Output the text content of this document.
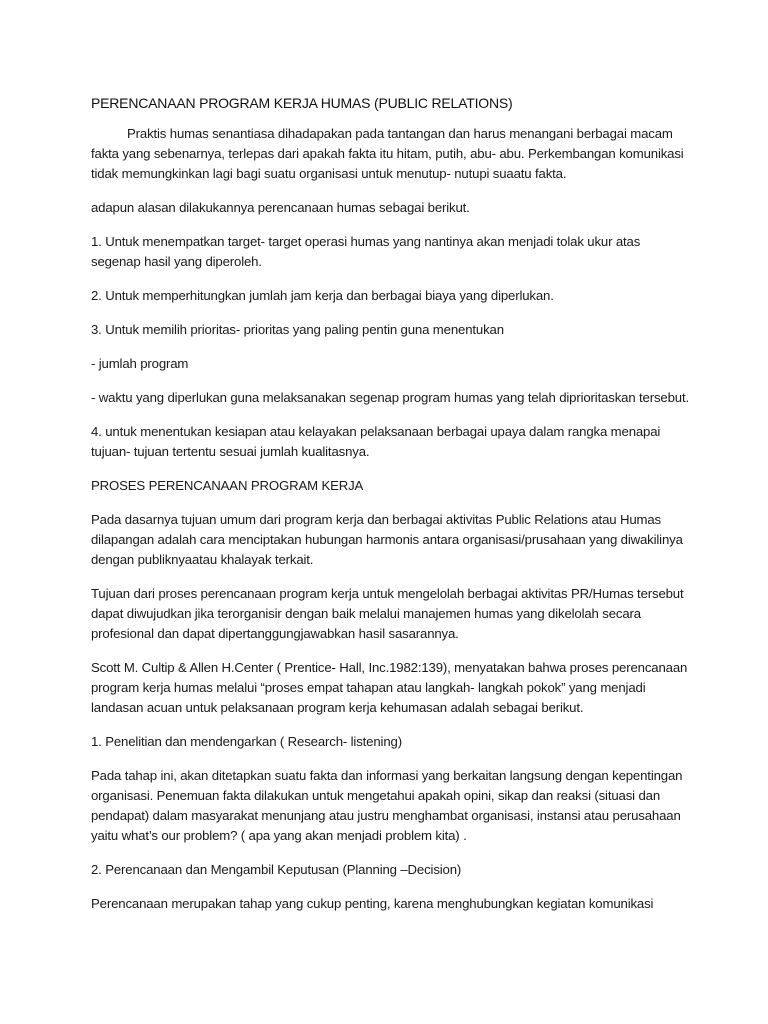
PERENCANAAN PROGRAM KERJA HUMAS (PUBLIC RELATIONS)

Praktis humas senantiasa dihadapakan pada tantangan dan harus menangani berbagai macam fakta yang sebenarnya, terlepas dari apakah fakta itu hitam, putih, abu- abu. Perkembangan komunikasi tidak memungkinkan lagi bagi suatu organisasi untuk menutup- nutupi suaatu fakta.

adapun alasan dilakukannya perencanaan humas sebagai berikut.

1. Untuk menempatkan target- target operasi humas yang nantinya akan menjadi tolak ukur atas segenap hasil yang diperoleh.

2. Untuk memperhitungkan jumlah jam kerja dan berbagai biaya yang diperlukan.

3. Untuk memilih prioritas- prioritas yang paling pentin guna menentukan

- jumlah program

- waktu yang diperlukan guna melaksanakan segenap program humas yang telah diprioritaskan tersebut.

4. untuk menentukan kesiapan atau kelayakan pelaksanaan berbagai upaya dalam rangka menapai tujuan- tujuan tertentu sesuai jumlah kualitasnya.

PROSES PERENCANAAN PROGRAM KERJA

Pada dasarnya tujuan umum dari program kerja dan berbagai aktivitas Public Relations atau Humas dilapangan adalah cara menciptakan hubungan harmonis antara organisasi/prusahaan yang diwakilinya dengan publiknyaatau khalayak terkait.

Tujuan dari proses perencanaan program kerja untuk mengelolah berbagai aktivitas PR/Humas tersebut dapat diwujudkan jika terorganisir dengan baik melalui manajemen humas yang dikelolah secara profesional dan dapat dipertanggungjawabkan hasil sasarannya.

Scott M. Cultip & Allen H.Center ( Prentice- Hall, Inc.1982:139), menyatakan bahwa proses perencanaan program kerja humas melalui “proses empat tahapan atau langkah- langkah pokok” yang menjadi landasan acuan untuk pelaksanaan program kerja kehumasan adalah sebagai berikut.

1. Penelitian dan mendengarkan ( Research- listening)

Pada tahap ini, akan ditetapkan suatu fakta dan informasi yang berkaitan langsung dengan kepentingan organisasi. Penemuan fakta dilakukan untuk mengetahui apakah opini, sikap dan reaksi (situasi dan pendapat) dalam masyarakat menunjang atau justru menghambat organisasi, instansi atau perusahaan yaitu what’s our problem? ( apa yang akan menjadi problem kita) .

2. Perencanaan dan Mengambil Keputusan (Planning –Decision)

Perencanaan merupakan tahap yang cukup penting, karena menghubungkan kegiatan komunikasi
